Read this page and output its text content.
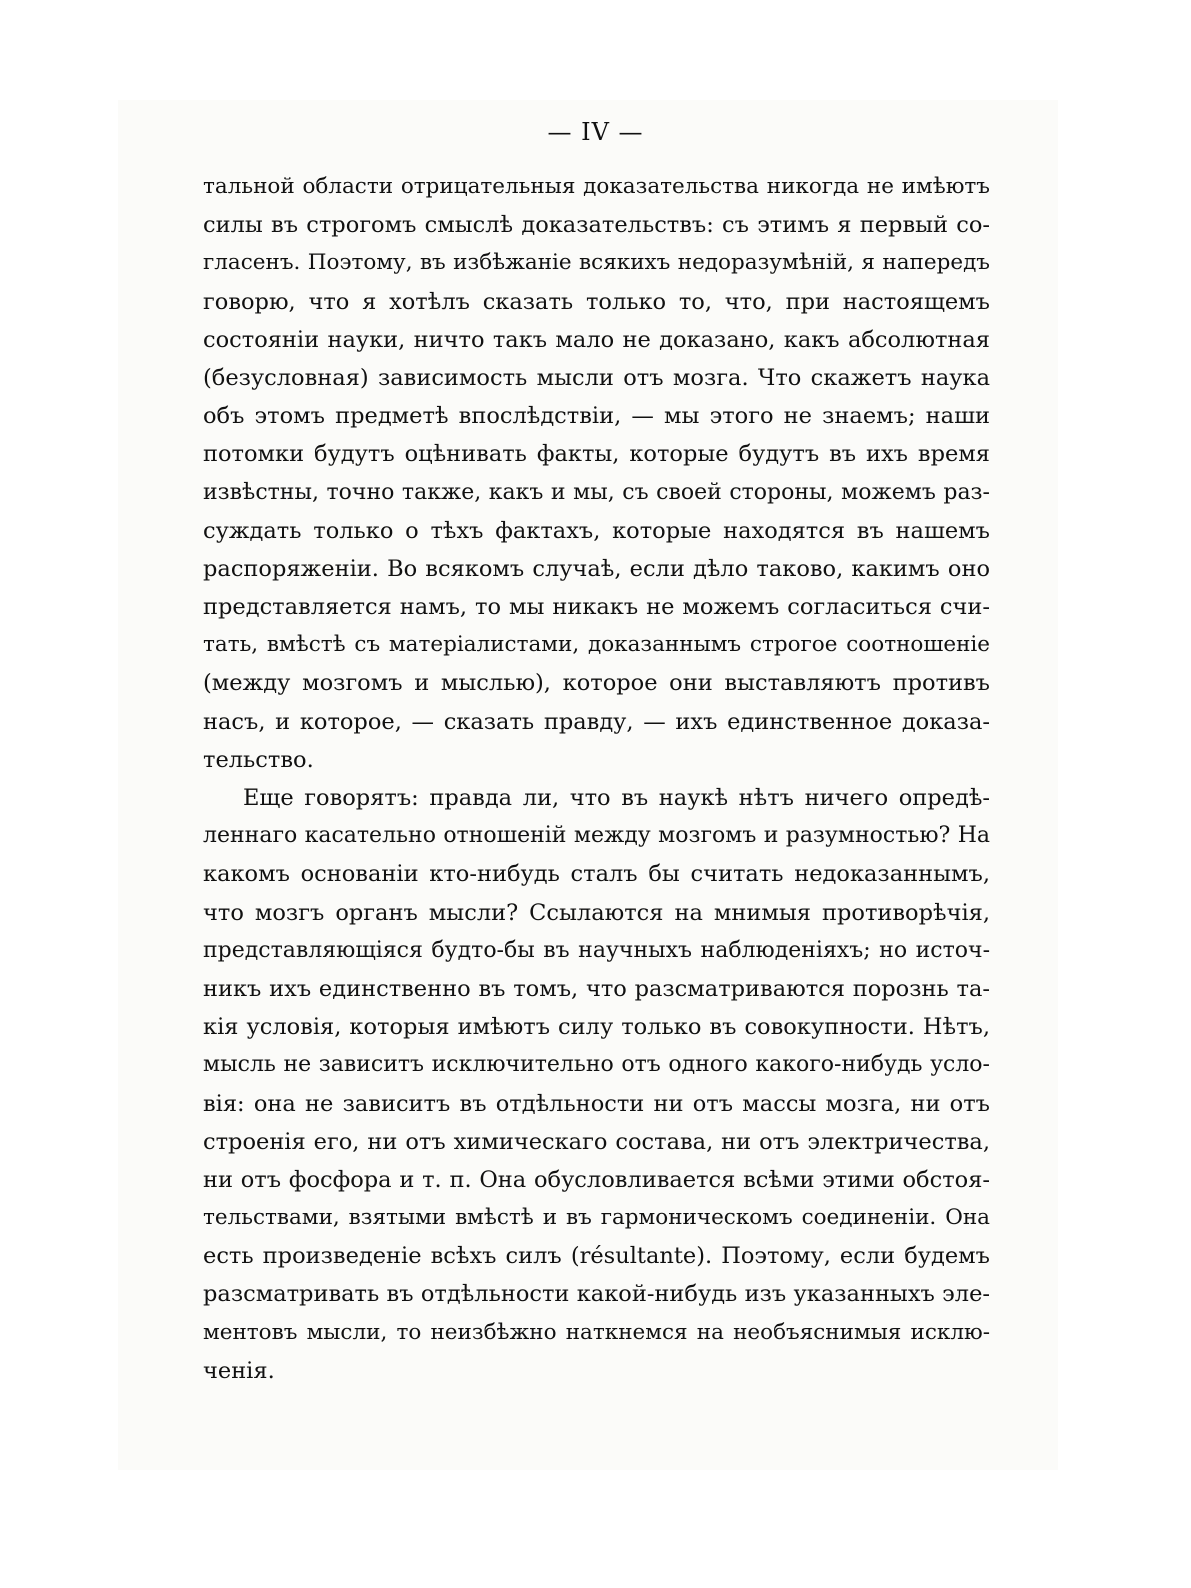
— IV —
тальной области отрицательныя доказательства никогда не имѣютъ
силы въ строгомъ смыслѣ доказательствъ: съ этимъ я первый со-
гласенъ. Поэтому, въ избѣжаніе всякихъ недоразумѣній, я напередъ
говорю, что я хотѣлъ сказать только то, что, при настоящемъ
состояніи науки, ничто такъ мало не доказано, какъ абсолютная
(безусловная) зависимость мысли отъ мозга. Что скажетъ наука
объ этомъ предметѣ впослѣдствіи, — мы этого не знаемъ; наши
потомки будутъ оцѣнивать факты, которые будутъ въ ихъ время
извѣстны, точно также, какъ и мы, съ своей стороны, можемъ раз-
суждать только о тѣхъ фактахъ, которые находятся въ нашемъ
распоряженіи. Во всякомъ случаѣ, если дѣло таково, какимъ оно
представляется намъ, то мы никакъ не можемъ согласиться счи-
тать, вмѣстѣ съ матеріалистами, доказаннымъ строгое соотношеніе
(между мозгомъ и мыслью), которое они выставляютъ противъ
насъ, и которое, — сказать правду, — ихъ единственное доказа-
тельство.
Еще говорятъ: правда ли, что въ наукѣ нѣтъ ничего опредѣ-
леннаго касательно отношеній между мозгомъ и разумностью? На
какомъ основаніи кто-нибудь сталъ бы считать недоказаннымъ,
что мозгъ органъ мысли? Ссылаются на мнимыя противорѣчія,
представляющіяся будто-бы въ научныхъ наблюденіяхъ; но источ-
никъ ихъ единственно въ томъ, что разсматриваются порознь та-
кія условія, которыя имѣютъ силу только въ совокупности. Нѣтъ,
мысль не зависитъ исключительно отъ одного какого-нибудь усло-
вія: она не зависитъ въ отдѣльности ни отъ массы мозга, ни отъ
строенія его, ни отъ химическаго состава, ни отъ электричества,
ни отъ фосфора и т. п. Она обусловливается всѣми этими обстоя-
тельствами, взятыми вмѣстѣ и въ гармоническомъ соединеніи. Она
есть произведеніе всѣхъ силъ (résultante). Поэтому, если будемъ
разсматривать въ отдѣльности какой-нибудь изъ указанныхъ эле-
ментовъ мысли, то неизбѣжно наткнемся на необъяснимыя исклю-
ченія.
